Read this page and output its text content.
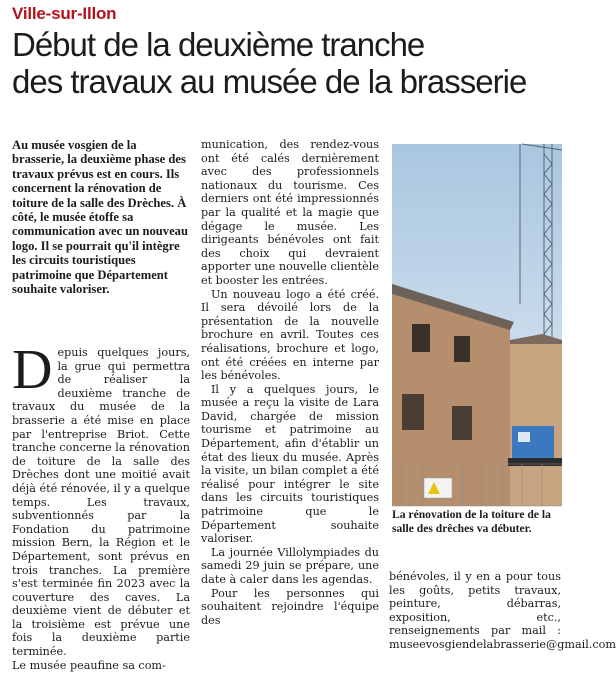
Ville-sur-Illon
Début de la deuxième tranche
des travaux au musée de la brasserie
Au musée vosgien de la brasserie, la deuxième phase des travaux prévus est en cours. Ils concernent la rénovation de toiture de la salle des Drèches. À côté, le musée étoffe sa communication avec un nouveau logo. Il se pourrait qu'il intègre les circuits touristiques patrimoine que Département souhaite valoriser.
D epuis quelques jours, la grue qui permettra de réaliser la deuxième tranche de travaux du musée de la brasserie a été mise en place par l'entreprise Briot. Cette tranche concerne la rénovation de toiture de la salle des Drèches dont une moitié avait déjà été rénovée, il y a quelque temps. Les travaux, subventionnés par la Fondation du patrimoine mission Bern, la Région et le Département, sont prévus en trois tranches. La première s'est terminée fin 2023 avec la couverture des caves. La deuxième vient de débuter et la troisième est prévue une fois la deuxième partie terminée.

Le musée peaufine sa com-

munication, des rendez-vous ont été calés dernièrement avec des professionnels nationaux du tourisme. Ces derniers ont été impressionnés par la qualité et la magie que dégage le musée. Les dirigeants bénévoles ont fait des choix qui devraient apporter une nouvelle clientèle et booster les entrées.

Un nouveau logo a été créé. Il sera dévoilé lors de la présentation de la nouvelle brochure en avril. Toutes ces réalisations, brochure et logo, ont été créées en interne par les bénévoles.

Il y a quelques jours, le musée a reçu la visite de Lara David, chargée de mission tourisme et patrimoine au Département, afin d'établir un état des lieux du musée. Après la visite, un bilan complet a été réalisé pour intégrer le site dans les circuits touristiques patrimoine que le Département souhaite valoriser.

La journée Villolympiades du samedi 29 juin se prépare, une date à caler dans les agendas.

Pour les personnes qui souhaitent rejoindre l'équipe des

La rénovation de la toiture de la salle des drêches va débuter.

bénévoles, il y en a pour tous les goûts, petits travaux, peinture, débarras, exposition, etc., renseignements par mail : museevosgiendelabrasserie@gmail.com
